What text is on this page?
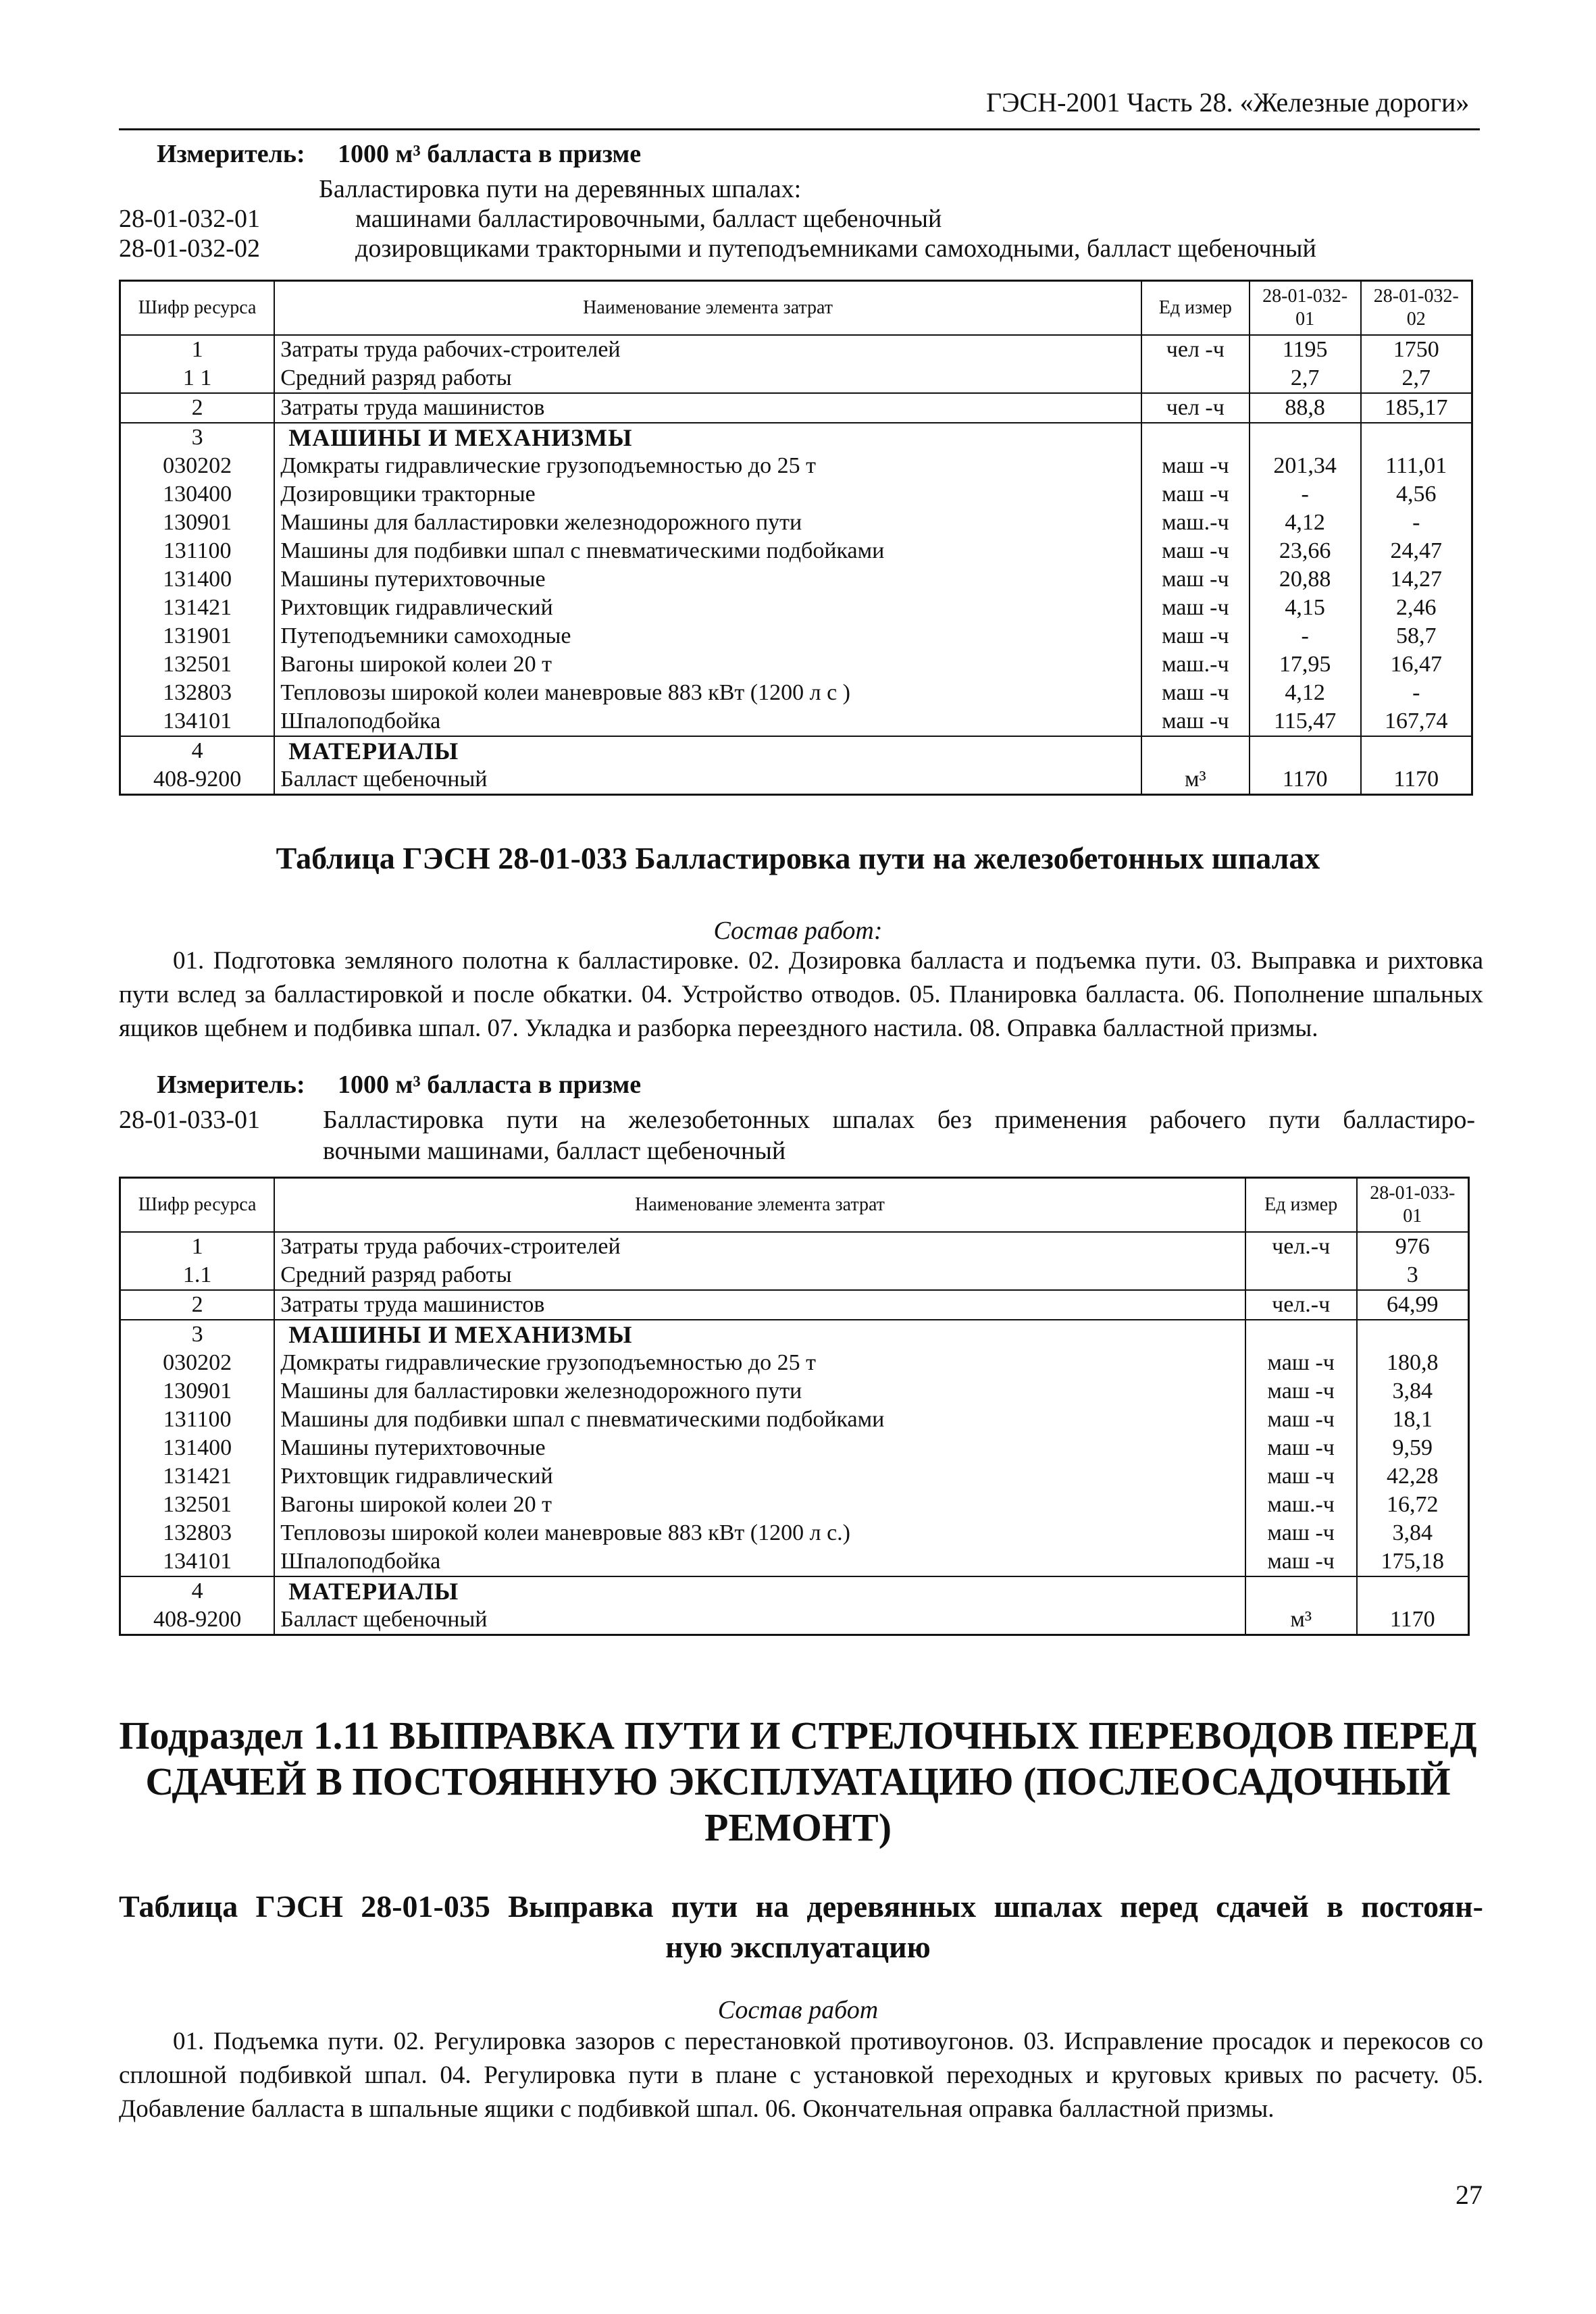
ГЭСН-2001 Часть 28. «Железные дороги»
Измеритель: 1000 м³ балласта в призме
Балластировка пути на деревянных шпалах:
28-01-032-01	машинами балластировочными, балласт щебеночный
28-01-032-02	дозировщиками тракторными и путеподъемниками самоходными, балласт щебеночный
Шифр ресурса	Наименование элемента затрат	Ед измер	28-01-032-01	28-01-032-02
1	Затраты труда рабочих-строителей	чел -ч	1195	1750
1 1	Средний разряд работы		2,7	2,7
2	Затраты труда машинистов	чел -ч	88,8	185,17
3	МАШИНЫ И МЕХАНИЗМЫ			
030202	Домкраты гидравлические грузоподъемностью до 25 т	маш -ч	201,34	111,01
130400	Дозировщики тракторные	маш -ч	-	4,56
130901	Машины для балластировки железнодорожного пути	маш.-ч	4,12	-
131100	Машины для подбивки шпал с пневматическими подбойками	маш -ч	23,66	24,47
131400	Машины путерихтовочные	маш -ч	20,88	14,27
131421	Рихтовщик гидравлический	маш -ч	4,15	2,46
131901	Путеподъемники самоходные	маш -ч	-	58,7
132501	Вагоны широкой колеи 20 т	маш.-ч	17,95	16,47
132803	Тепловозы широкой колеи маневровые 883 кВт (1200 л с )	маш -ч	4,12	-
134101	Шпалоподбойка	маш -ч	115,47	167,74
4	МАТЕРИАЛЫ			
408-9200	Балласт щебеночный	м³	1170	1170
Таблица ГЭСН 28-01-033 Балластировка пути на железобетонных шпалах
Состав работ:
01. Подготовка земляного полотна к балластировке. 02. Дозировка балласта и подъемка пути. 03. Выправка и рихтовка пути вслед за балластировкой и после обкатки. 04. Устройство отводов. 05. Планировка балласта. 06. Пополнение шпальных ящиков щебнем и подбивка шпал. 07. Укладка и разборка переездного настила. 08. Оправка балластной призмы.
Измеритель: 1000 м³ балласта в призме
28-01-033-01 Балластировка пути на железобетонных шпалах без применения рабочего пути балластиро-
вочными машинами, балласт щебеночный
Шифр ресурса	Наименование элемента затрат	Ед измер	28-01-033-01
1	Затраты труда рабочих-строителей	чел.-ч	976
1.1	Средний разряд работы		3
2	Затраты труда машинистов	чел.-ч	64,99
3	МАШИНЫ И МЕХАНИЗМЫ		
030202	Домкраты гидравлические грузоподъемностью до 25 т	маш -ч	180,8
130901	Машины для балластировки железнодорожного пути	маш -ч	3,84
131100	Машины для подбивки шпал с пневматическими подбойками	маш -ч	18,1
131400	Машины путерихтовочные	маш -ч	9,59
131421	Рихтовщик гидравлический	маш -ч	42,28
132501	Вагоны широкой колеи 20 т	маш.-ч	16,72
132803	Тепловозы широкой колеи маневровые 883 кВт (1200 л с.)	маш -ч	3,84
134101	Шпалоподбойка	маш -ч	175,18
4	МАТЕРИАЛЫ		
408-9200	Балласт щебеночный	м³	1170
Подраздел 1.11 ВЫПРАВКА ПУТИ И СТРЕЛОЧНЫХ ПЕРЕВОДОВ ПЕРЕД
СДАЧЕЙ В ПОСТОЯННУЮ ЭКСПЛУАТАЦИЮ (ПОСЛЕОСАДОЧНЫЙ
РЕМОНТ)
Таблица ГЭСН 28-01-035 Выправка пути на деревянных шпалах перед сдачей в постоян-
ную эксплуатацию
Состав работ
01. Подъемка пути. 02. Регулировка зазоров с перестановкой противоугонов. 03. Исправление просадок и перекосов со сплошной подбивкой шпал. 04. Регулировка пути в плане с установкой переходных и круговых кривых по расчету. 05. Добавление балласта в шпальные ящики с подбивкой шпал. 06. Окончательная оправка балластной призмы.
27
